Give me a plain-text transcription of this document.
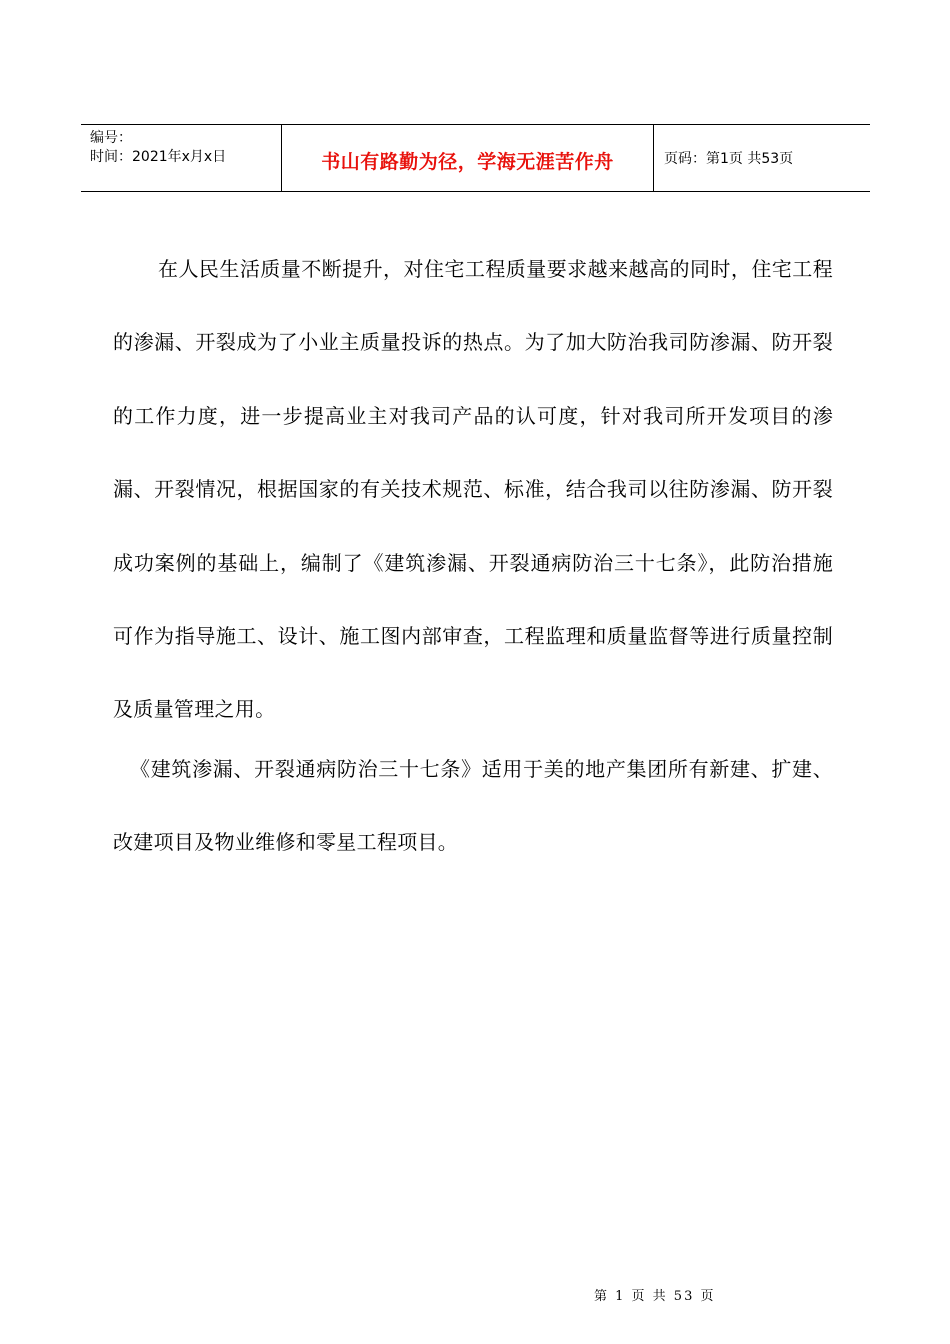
编号：
时间：2021年x月x日	书山有路勤为径，学海无涯苦作舟	页码：第1页 共53页
在人民生活质量不断提升，对住宅工程质量要求越来越高的同时，住宅工程的渗漏、开裂成为了小业主质量投诉的热点。为了加大防治我司防渗漏、防开裂的工作力度，进一步提高业主对我司产品的认可度，针对我司所开发项目的渗漏、开裂情况，根据国家的有关技术规范、标准，结合我司以往防渗漏、防开裂成功案例的基础上，编制了《建筑渗漏、开裂通病防治三十七条》，此防治措施可作为指导施工、设计、施工图内部审查，工程监理和质量监督等进行质量控制及质量管理之用。
《建筑渗漏、开裂通病防治三十七条》适用于美的地产集团所有新建、扩建、改建项目及物业维修和零星工程项目。
第 1 页 共 53 页
